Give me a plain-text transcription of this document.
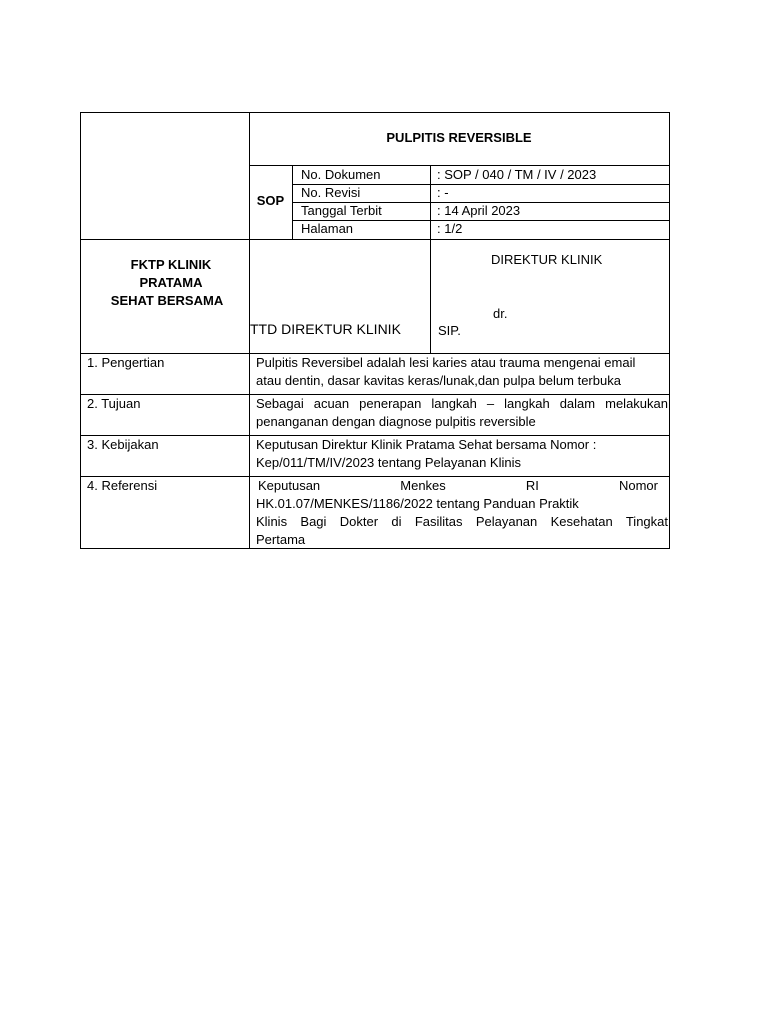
PULPITIS REVERSIBLE
SOP
No. Dokumen	: SOP / 040 / TM / IV / 2023
No. Revisi	: -
Tanggal Terbit	: 14 April 2023
Halaman	: 1/2
FKTP KLINIK
PRATAMA
SEHAT BERSAMA
TTD DIREKTUR KLINIK
DIREKTUR KLINIK
dr.
SIP.
1. Pengertian	Pulpitis Reversibel adalah lesi karies atau trauma mengenai email
atau dentin, dasar kavitas keras/lunak,dan pulpa belum terbuka
2. Tujuan	Sebagai acuan penerapan langkah – langkah dalam melakukan
penanganan dengan diagnose pulpitis reversible
3. Kebijakan	Keputusan Direktur Klinik Pratama Sehat bersama Nomor :
Kep/011/TM/IV/2023 tentang Pelayanan Klinis
4. Referensi	Keputusan Menkes RI Nomor
HK.01.07/MENKES/1186/2022 tentang Panduan Praktik
Klinis Bagi Dokter di Fasilitas Pelayanan Kesehatan Tingkat
Pertama
